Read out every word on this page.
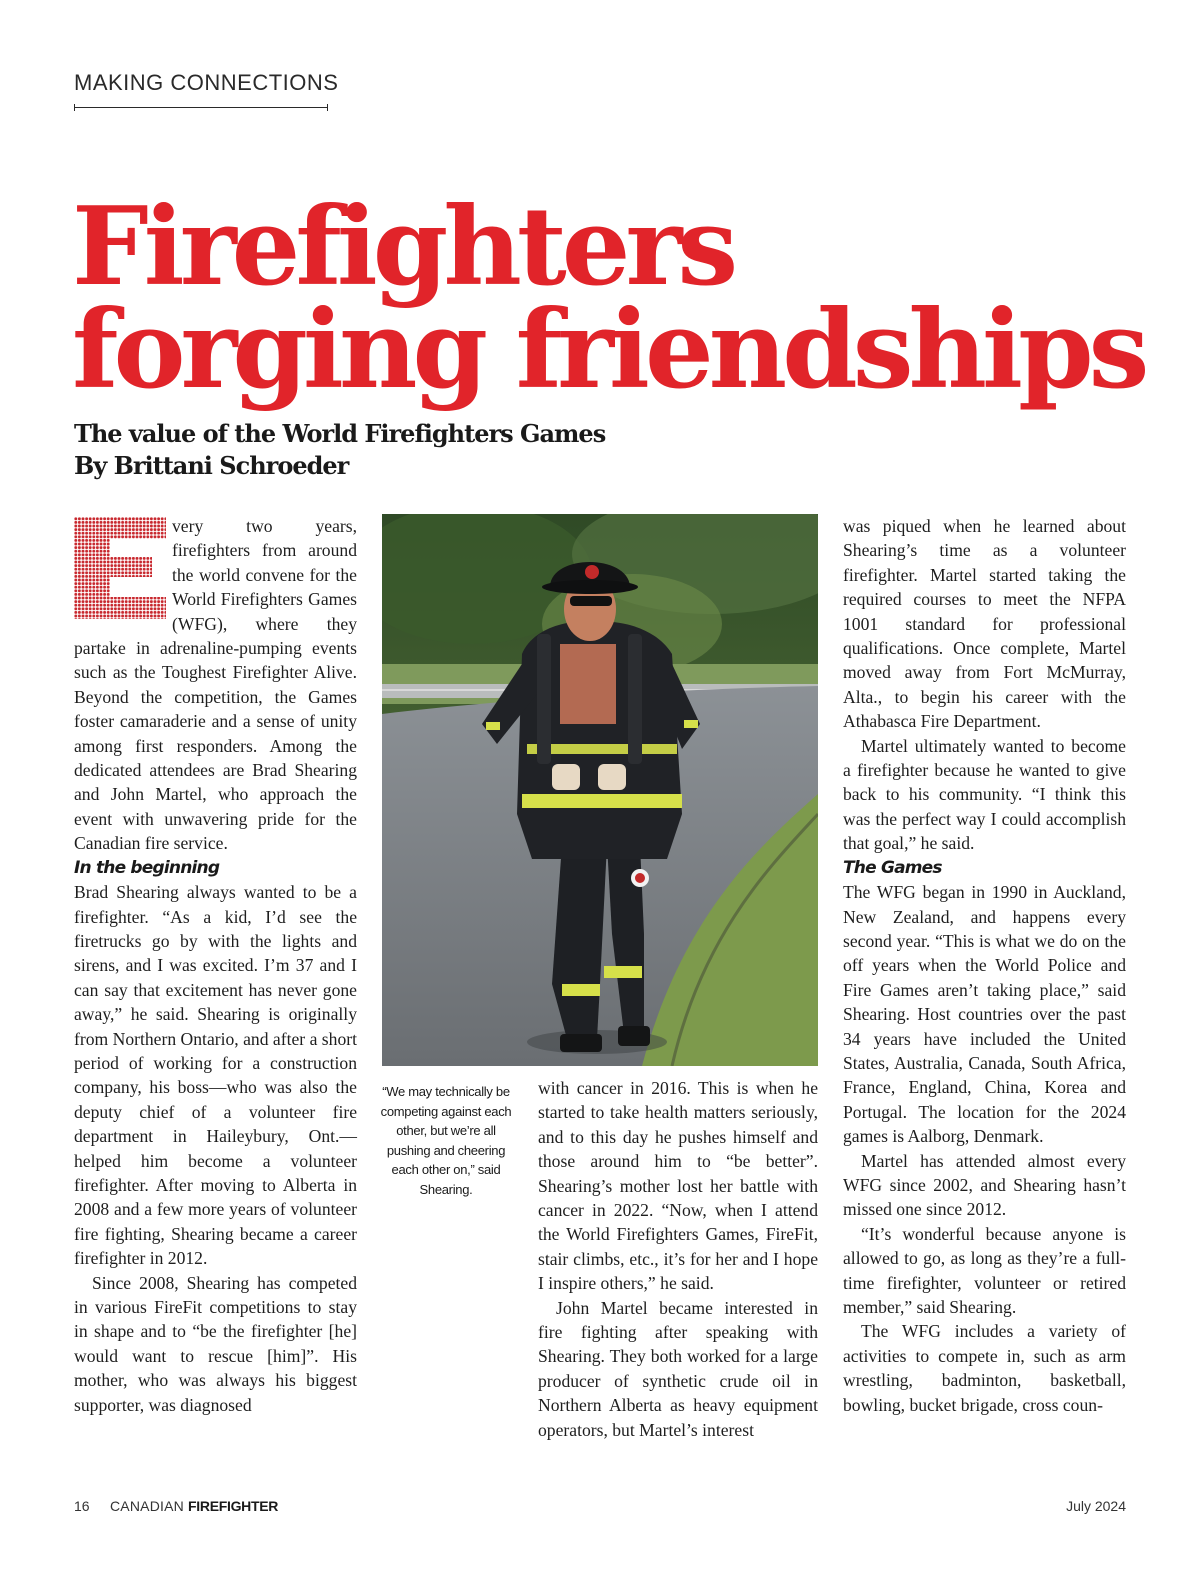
MAKING CONNECTIONS
Firefighters
forging friendships
The value of the World Firefighters Games
By Brittani Schroeder

E
very two years, firefighters from around the world convene for the World Firefighters Games (WFG), where they partake in adrenaline-pumping events such as the Toughest Firefighter Alive. Beyond the competition, the Games foster camaraderie and a sense of unity among first responders. Among the dedicated attendees are Brad Shearing and John Martel, who approach the event with unwavering pride for the Canadian fire service.

In the beginning

Brad Shearing always wanted to be a firefighter. “As a kid, I’d see the firetrucks go by with the lights and sirens, and I was excited. I’m 37 and I can say that excitement has never gone away,” he said. Shearing is originally from Northern Ontario, and after a short period of working for a construction company, his boss—who was also the deputy chief of a volunteer fire department in Haileybury, Ont.—helped him become a volunteer firefighter. After moving to Alberta in 2008 and a few more years of volunteer fire fighting, Shearing became a career firefighter in 2012.

Since 2008, Shearing has competed in various FireFit competitions to stay in shape and to “be the firefighter [he] would want to rescue [him]”. His mother, who was always his biggest supporter, was diagnosed

“We may technically be competing against each other, but we’re all pushing and cheering each other on,” said Shearing.

with cancer in 2016. This is when he started to take health matters seriously, and to this day he pushes himself and those around him to “be better”. Shearing’s mother lost her battle with cancer in 2022. “Now, when I attend the World Firefighters Games, FireFit, stair climbs, etc., it’s for her and I hope I inspire others,” he said.

John Martel became interested in fire fighting after speaking with Shearing. They both worked for a large producer of synthetic crude oil in Northern Alberta as heavy equipment operators, but Martel’s interest

was piqued when he learned about Shearing’s time as a volunteer firefighter. Martel started taking the required courses to meet the NFPA 1001 standard for professional qualifications. Once complete, Martel moved away from Fort McMurray, Alta., to begin his career with the Athabasca Fire Department.

Martel ultimately wanted to become a firefighter because he wanted to give back to his community. “I think this was the perfect way I could accomplish that goal,” he said.

The Games

The WFG began in 1990 in Auckland, New Zealand, and happens every second year. “This is what we do on the off years when the World Police and Fire Games aren’t taking place,” said Shearing. Host countries over the past 34 years have included the United States, Australia, Canada, South Africa, France, England, China, Korea and Portugal. The location for the 2024 games is Aalborg, Denmark.

Martel has attended almost every WFG since 2002, and Shearing hasn’t missed one since 2012.

“It’s wonderful because anyone is allowed to go, as long as they’re a full-time firefighter, volunteer or retired member,” said Shearing.

The WFG includes a variety of activities to compete in, such as arm wrestling, badminton, basketball, bowling, bucket brigade, cross coun-

16 CANADIAN FIREFIGHTER	July 2024
